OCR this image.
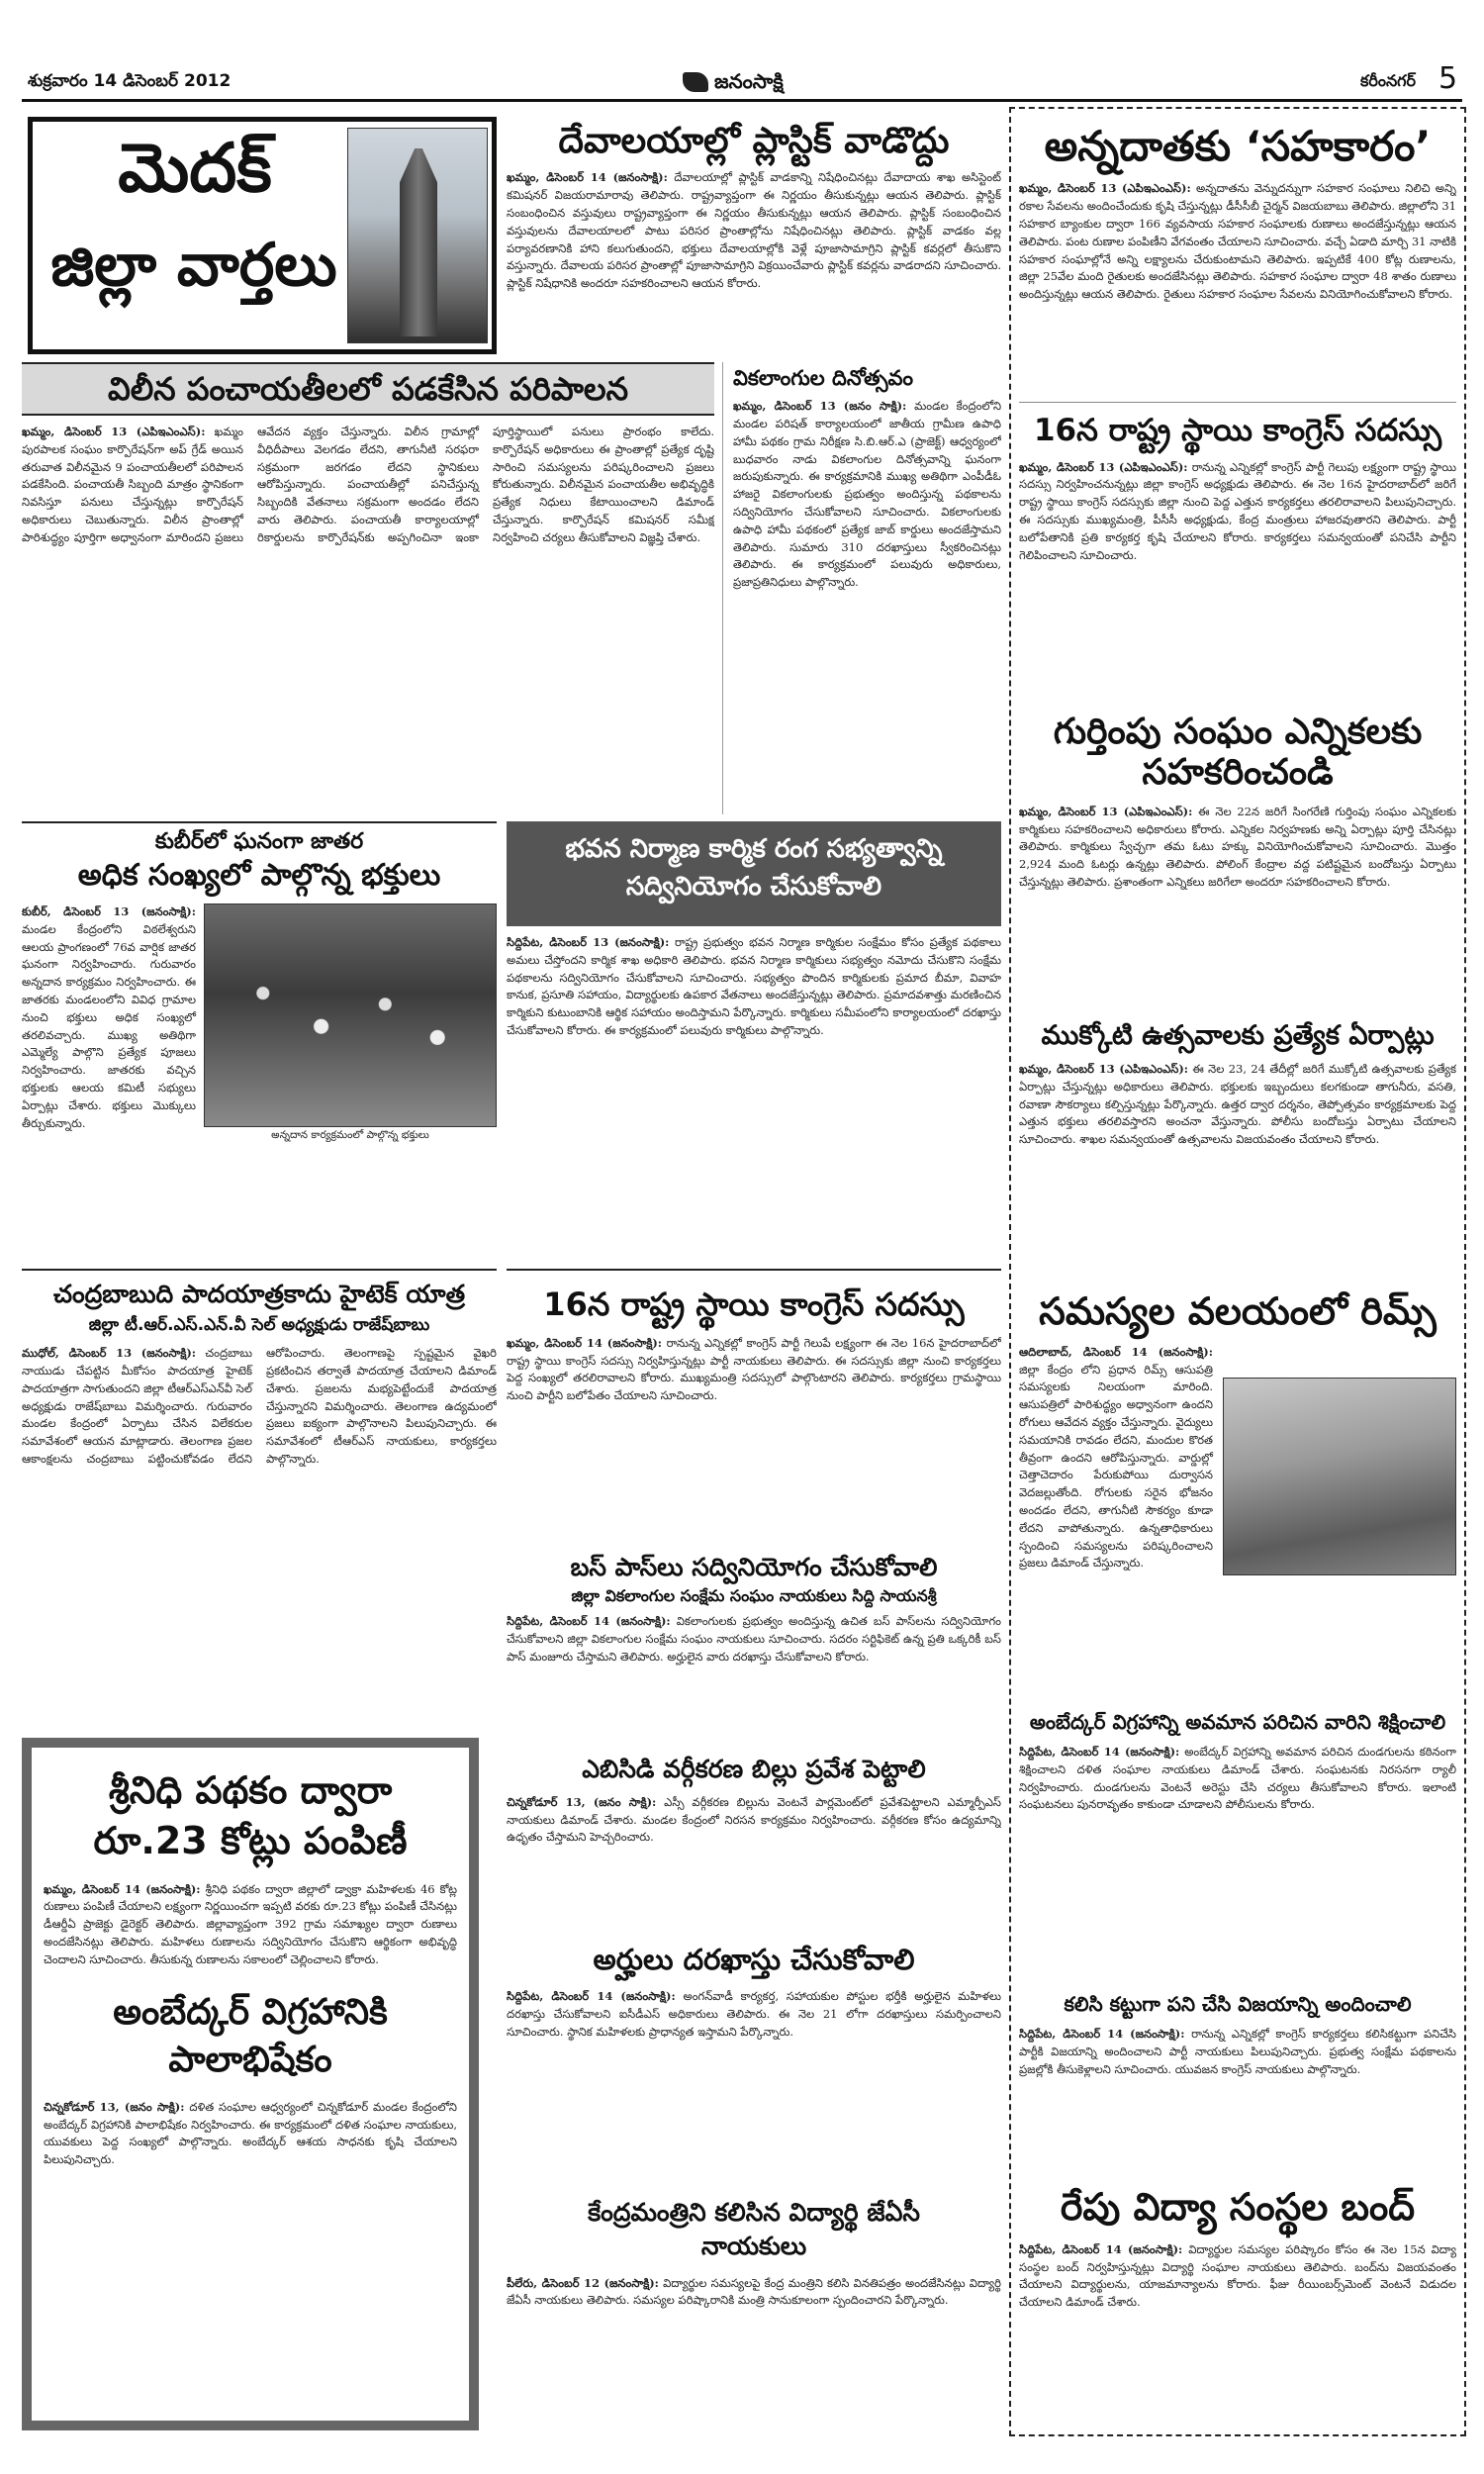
శుక్రవారం 14 డిసెంబర్ 2012	జనంసాక్షి	కరీంనగర్ 5
మెదక్
జిల్లా వార్తలు
దేవాలయాల్లో ప్లాస్టిక్ వాడొద్దు
ఖమ్మం, డిసెంబర్ 14 (జనంసాక్షి): దేవాలయాల్లో ప్లాస్టిక్ వాడకాన్ని నిషేధించినట్లు దేవాదాయ శాఖ అసిస్టెంట్ కమిషనర్ విజయరామారావు తెలిపారు. రాష్ట్రవ్యాప్తంగా ఈ నిర్ణయం తీసుకున్నట్లు ఆయన తెలిపారు. ప్లాస్టిక్ సంబంధించిన వస్తువులు రాష్ట్రవ్యాప్తంగా ఈ నిర్ణయం తీసుకున్నట్లు ఆయన తెలిపారు. ప్లాస్టిక్ సంబంధించిన వస్తువులను దేవాలయాలలో పాటు పరిసర ప్రాంతాల్లోను నిషేధించినట్లు తెలిపారు. ప్లాస్టిక్ వాడకం వల్ల పర్యావరణానికి హాని కలుగుతుందని, భక్తులు దేవాలయాల్లోకి వెళ్లే పూజాసామాగ్రిని ప్లాస్టిక్ కవర్లలో తీసుకొని వస్తున్నారు. దేవాలయ పరిసర ప్రాంతాల్లో పూజాసామాగ్రిని విక్రయించేవారు ప్లాస్టిక్ కవర్లను వాడరాదని సూచించారు. ప్లాస్టిక్ నిషేధానికి అందరూ సహకరించాలని ఆయన కోరారు.
విలీన పంచాయతీలలో పడకేసిన పరిపాలన
ఖమ్మం, డిసెంబర్ 13 (ఎపిఇఎంఎస్): ఖమ్మం పురపాలక సంఘం కార్పొరేషన్‌గా అప్ గ్రేడ్ అయిన తరువాత విలీనమైన 9 పంచాయతీలలో పరిపాలన పడకేసింది. పంచాయతీ సిబ్బంది మాత్రం స్థానికంగా నివసిస్తూ పనులు చేస్తున్నట్లు కార్పొరేషన్ అధికారులు చెబుతున్నారు. విలీన ప్రాంతాల్లో పారిశుద్ధ్యం పూర్తిగా అధ్వానంగా మారిందని ప్రజలు ఆవేదన వ్యక్తం చేస్తున్నారు. విలీన గ్రామాల్లో వీధిదీపాలు వెలగడం లేదని, తాగునీటి సరఫరా సక్రమంగా జరగడం లేదని స్థానికులు ఆరోపిస్తున్నారు. పంచాయతీల్లో పనిచేస్తున్న సిబ్బందికి వేతనాలు సక్రమంగా అందడం లేదని వారు తెలిపారు. పంచాయతీ కార్యాలయాల్లో రికార్డులను కార్పొరేషన్‌కు అప్పగించినా ఇంకా పూర్తిస్థాయిలో పనులు ప్రారంభం కాలేదు. కార్పొరేషన్ అధికారులు ఈ ప్రాంతాల్లో ప్రత్యేక దృష్టి సారించి సమస్యలను పరిష్కరించాలని ప్రజలు కోరుతున్నారు. విలీనమైన పంచాయతీల అభివృద్ధికి ప్రత్యేక నిధులు కేటాయించాలని డిమాండ్ చేస్తున్నారు. కార్పొరేషన్ కమిషనర్ సమీక్ష నిర్వహించి చర్యలు తీసుకోవాలని విజ్ఞప్తి చేశారు.
వికలాంగుల దినోత్సవం
ఖమ్మం, డిసెంబర్ 13 (జనం సాక్షి): మండల కేంద్రంలోని మండల పరిషత్ కార్యాలయంలో జాతీయ గ్రామీణ ఉపాధి హామీ పథకం గ్రామ నిరీక్షణ సి.బి.ఆర్.ఎ (ప్రాజెక్ట్) ఆధ్వర్యంలో బుధవారం నాడు వికలాంగుల దినోత్సవాన్ని ఘనంగా జరుపుకున్నారు. ఈ కార్యక్రమానికి ముఖ్య అతిథిగా ఎంపీడీఓ హాజరై వికలాంగులకు ప్రభుత్వం అందిస్తున్న పథకాలను సద్వినియోగం చేసుకోవాలని సూచించారు. వికలాంగులకు ఉపాధి హామీ పథకంలో ప్రత్యేక జాబ్ కార్డులు అందజేస్తామని తెలిపారు. సుమారు 310 దరఖాస్తులు స్వీకరించినట్లు తెలిపారు. ఈ కార్యక్రమంలో పలువురు అధికారులు, ప్రజాప్రతినిధులు పాల్గొన్నారు.
అన్నదాతకు ‘సహకారం’
ఖమ్మం, డిసెంబర్ 13 (ఎపిఇఎంఎస్): అన్నదాతను వెన్నుదన్నుగా సహకార సంఘాలు నిలిచి అన్ని రకాల సేవలను అందించేందుకు కృషి చేస్తున్నట్లు డీసీసీబీ చైర్మన్ విజయబాబు తెలిపారు. జిల్లాలోని 31 సహకార బ్యాంకుల ద్వారా 166 వ్యవసాయ సహకార సంఘాలకు రుణాలు అందజేస్తున్నట్లు ఆయన తెలిపారు. పంట రుణాల పంపిణీని వేగవంతం చేయాలని సూచించారు. వచ్చే ఏడాది మార్చి 31 నాటికి సహకార సంఘాల్లోనే అన్ని లక్ష్యాలను చేరుకుంటామని తెలిపారు. ఇప్పటికే 400 కోట్ల రుణాలను, జిల్లా 25వేల మంది రైతులకు అందజేసినట్లు తెలిపారు. సహకార సంఘాల ద్వారా 48 శాతం రుణాలు అందిస్తున్నట్లు ఆయన తెలిపారు. రైతులు సహకార సంఘాల సేవలను వినియోగించుకోవాలని కోరారు.
16న రాష్ట్ర స్థాయి కాంగ్రెస్ సదస్సు
ఖమ్మం, డిసెంబర్ 13 (ఎపిఇఎంఎస్): రానున్న ఎన్నికల్లో కాంగ్రెస్ పార్టీ గెలుపు లక్ష్యంగా రాష్ట్ర స్థాయి సదస్సు నిర్వహించనున్నట్లు జిల్లా కాంగ్రెస్ అధ్యక్షుడు తెలిపారు. ఈ నెల 16న హైదరాబాద్‌లో జరిగే రాష్ట్ర స్థాయి కాంగ్రెస్ సదస్సుకు జిల్లా నుంచి పెద్ద ఎత్తున కార్యకర్తలు తరలిరావాలని పిలుపునిచ్చారు. ఈ సదస్సుకు ముఖ్యమంత్రి, పీసీసీ అధ్యక్షుడు, కేంద్ర మంత్రులు హాజరవుతారని తెలిపారు. పార్టీ బలోపేతానికి ప్రతి కార్యకర్త కృషి చేయాలని కోరారు. కార్యకర్తలు సమన్వయంతో పనిచేసి పార్టీని గెలిపించాలని సూచించారు.
గుర్తింపు సంఘం ఎన్నికలకు సహకరించండి
ఖమ్మం, డిసెంబర్ 13 (ఎపిఇఎంఎస్): ఈ నెల 22న జరిగే సింగరేణి గుర్తింపు సంఘం ఎన్నికలకు కార్మికులు సహకరించాలని అధికారులు కోరారు. ఎన్నికల నిర్వహణకు అన్ని ఏర్పాట్లు పూర్తి చేసినట్లు తెలిపారు. కార్మికులు స్వేచ్ఛగా తమ ఓటు హక్కు వినియోగించుకోవాలని సూచించారు. మొత్తం 2,924 మంది ఓటర్లు ఉన్నట్లు తెలిపారు. పోలింగ్ కేంద్రాల వద్ద పటిష్టమైన బందోబస్తు ఏర్పాటు చేస్తున్నట్లు తెలిపారు. ప్రశాంతంగా ఎన్నికలు జరిగేలా అందరూ సహకరించాలని కోరారు.
ముక్కోటి ఉత్సవాలకు ప్రత్యేక ఏర్పాట్లు
ఖమ్మం, డిసెంబర్ 13 (ఎపిఇఎంఎస్): ఈ నెల 23, 24 తేదీల్లో జరిగే ముక్కోటి ఉత్సవాలకు ప్రత్యేక ఏర్పాట్లు చేస్తున్నట్లు అధికారులు తెలిపారు. భక్తులకు ఇబ్బందులు కలగకుండా తాగునీరు, వసతి, రవాణా సౌకర్యాలు కల్పిస్తున్నట్లు పేర్కొన్నారు. ఉత్తర ద్వార దర్శనం, తెప్పోత్సవం కార్యక్రమాలకు పెద్ద ఎత్తున భక్తులు తరలివస్తారని అంచనా వేస్తున్నారు. పోలీసు బందోబస్తు ఏర్పాటు చేయాలని సూచించారు. శాఖల సమన్వయంతో ఉత్సవాలను విజయవంతం చేయాలని కోరారు.
సమస్యల వలయంలో రిమ్స్
ఆదిలాబాద్, డిసెంబర్ 14 (జనంసాక్షి): జిల్లా కేంద్రం లోని ప్రధాన రిమ్స్ ఆసుపత్రి సమస్యలకు నిలయంగా మారింది. ఆసుపత్రిలో పారిశుద్ధ్యం అధ్వానంగా ఉందని రోగులు ఆవేదన వ్యక్తం చేస్తున్నారు. వైద్యులు సమయానికి రావడం లేదని, మందుల కొరత తీవ్రంగా ఉందని ఆరోపిస్తున్నారు. వార్డుల్లో చెత్తాచెదారం పేరుకుపోయి దుర్వాసన వెదజల్లుతోంది. రోగులకు సరైన భోజనం అందడం లేదని, తాగునీటి సౌకర్యం కూడా లేదని వాపోతున్నారు. ఉన్నతాధికారులు స్పందించి సమస్యలను పరిష్కరించాలని ప్రజలు డిమాండ్ చేస్తున్నారు.
అంబేద్కర్ విగ్రహాన్ని అవమాన పరిచిన వారిని శిక్షించాలి
సిద్దిపేట, డిసెంబర్ 14 (జనంసాక్షి): అంబేద్కర్ విగ్రహాన్ని అవమాన పరిచిన దుండగులను కఠినంగా శిక్షించాలని దళిత సంఘాల నాయకులు డిమాండ్ చేశారు. సంఘటనకు నిరసనగా ర్యాలీ నిర్వహించారు. దుండగులను వెంటనే అరెస్టు చేసి చర్యలు తీసుకోవాలని కోరారు. ఇలాంటి సంఘటనలు పునరావృతం కాకుండా చూడాలని పోలీసులను కోరారు.
కలిసి కట్టుగా పని చేసి విజయాన్ని అందించాలి
సిద్దిపేట, డిసెంబర్ 14 (జనంసాక్షి): రానున్న ఎన్నికల్లో కాంగ్రెస్ కార్యకర్తలు కలిసికట్టుగా పనిచేసి పార్టీకి విజయాన్ని అందించాలని పార్టీ నాయకులు పిలుపునిచ్చారు. ప్రభుత్వ సంక్షేమ పథకాలను ప్రజల్లోకి తీసుకెళ్లాలని సూచించారు. యువజన కాంగ్రెస్ నాయకులు పాల్గొన్నారు.
రేపు విద్యా సంస్థల బంద్
సిద్దిపేట, డిసెంబర్ 14 (జనంసాక్షి): విద్యార్థుల సమస్యల పరిష్కారం కోసం ఈ నెల 15న విద్యా సంస్థల బంద్ నిర్వహిస్తున్నట్లు విద్యార్థి సంఘాల నాయకులు తెలిపారు. బంద్‌ను విజయవంతం చేయాలని విద్యార్థులను, యాజమాన్యాలను కోరారు. ఫీజు రీయింబర్స్‌మెంట్ వెంటనే విడుదల చేయాలని డిమాండ్ చేశారు.
కుబీర్‌లో ఘనంగా జాతర
అధిక సంఖ్యలో పాల్గొన్న భక్తులు
అన్నదాన కార్యక్రమంలో పాల్గొన్న భక్తులు
కుబీర్, డిసెంబర్ 13 (జనంసాక్షి): మండల కేంద్రంలోని విఠలేశ్వరుని ఆలయ ప్రాంగణంలో 76వ వార్షిక జాతర ఘనంగా నిర్వహించారు. గురువారం అన్నదాన కార్యక్రమం నిర్వహించారు. ఈ జాతరకు మండలంలోని వివిధ గ్రామాల నుంచి భక్తులు అధిక సంఖ్యలో తరలివచ్చారు. ముఖ్య అతిథిగా ఎమ్మెల్యే పాల్గొని ప్రత్యేక పూజలు నిర్వహించారు. జాతరకు వచ్చిన భక్తులకు ఆలయ కమిటీ సభ్యులు ఏర్పాట్లు చేశారు. భక్తులు మొక్కులు తీర్చుకున్నారు.
భవన నిర్మాణ కార్మిక రంగ సభ్యత్వాన్ని సద్వినియోగం చేసుకోవాలి
సిద్దిపేట, డిసెంబర్ 13 (జనంసాక్షి): రాష్ట్ర ప్రభుత్వం భవన నిర్మాణ కార్మికుల సంక్షేమం కోసం ప్రత్యేక పథకాలు అమలు చేస్తోందని కార్మిక శాఖ అధికారి తెలిపారు. భవన నిర్మాణ కార్మికులు సభ్యత్వం నమోదు చేసుకొని సంక్షేమ పథకాలను సద్వినియోగం చేసుకోవాలని సూచించారు. సభ్యత్వం పొందిన కార్మికులకు ప్రమాద బీమా, వివాహ కానుక, ప్రసూతి సహాయం, విద్యార్థులకు ఉపకార వేతనాలు అందజేస్తున్నట్లు తెలిపారు. ప్రమాదవశాత్తు మరణించిన కార్మికుని కుటుంబానికి ఆర్థిక సహాయం అందిస్తామని పేర్కొన్నారు. కార్మికులు సమీపంలోని కార్యాలయంలో దరఖాస్తు చేసుకోవాలని కోరారు. ఈ కార్యక్రమంలో పలువురు కార్మికులు పాల్గొన్నారు.
చంద్రబాబుది పాదయాత్రకాదు హైటెక్ యాత్ర
జిల్లా టీ.ఆర్.ఎస్.ఎన్.వీ సెల్ అధ్యక్షుడు రాజేష్‌బాబు
ముధోల్, డిసెంబర్ 13 (జనంసాక్షి): చంద్రబాబు నాయుడు చేపట్టిన మీకోసం పాదయాత్ర హైటెక్ పాదయాత్రగా సాగుతుందని జిల్లా టీఆర్ఎస్ఎన్‌వీ సెల్ అధ్యక్షుడు రాజేష్‌బాబు విమర్శించారు. గురువారం మండల కేంద్రంలో ఏర్పాటు చేసిన విలేకరుల సమావేశంలో ఆయన మాట్లాడారు. తెలంగాణ ప్రజల ఆకాంక్షలను చంద్రబాబు పట్టించుకోవడం లేదని ఆరోపించారు. తెలంగాణపై స్పష్టమైన వైఖరి ప్రకటించిన తర్వాతే పాదయాత్ర చేయాలని డిమాండ్ చేశారు. ప్రజలను మభ్యపెట్టేందుకే పాదయాత్ర చేస్తున్నారని విమర్శించారు. తెలంగాణ ఉద్యమంలో ప్రజలు ఐక్యంగా పాల్గొనాలని పిలుపునిచ్చారు. ఈ సమావేశంలో టీఆర్ఎస్ నాయకులు, కార్యకర్తలు పాల్గొన్నారు.
16న రాష్ట్ర స్థాయి కాంగ్రెస్ సదస్సు
ఖమ్మం, డిసెంబర్ 14 (జనంసాక్షి): రానున్న ఎన్నికల్లో కాంగ్రెస్ పార్టీ గెలుపే లక్ష్యంగా ఈ నెల 16న హైదరాబాద్‌లో రాష్ట్ర స్థాయి కాంగ్రెస్ సదస్సు నిర్వహిస్తున్నట్లు పార్టీ నాయకులు తెలిపారు. ఈ సదస్సుకు జిల్లా నుంచి కార్యకర్తలు పెద్ద సంఖ్యలో తరలిరావాలని కోరారు. ముఖ్యమంత్రి సదస్సులో పాల్గొంటారని తెలిపారు. కార్యకర్తలు గ్రామస్థాయి నుంచి పార్టీని బలోపేతం చేయాలని సూచించారు.
బస్ పాస్‌లు సద్వినియోగం చేసుకోవాలి
జిల్లా వికలాంగుల సంక్షేమ సంఘం నాయకులు సిద్ది సాయనశ్రీ
సిద్దిపేట, డిసెంబర్ 14 (జనంసాక్షి): వికలాంగులకు ప్రభుత్వం అందిస్తున్న ఉచిత బస్ పాస్‌లను సద్వినియోగం చేసుకోవాలని జిల్లా వికలాంగుల సంక్షేమ సంఘం నాయకులు సూచించారు. సదరం సర్టిఫికెట్ ఉన్న ప్రతి ఒక్కరికీ బస్ పాస్ మంజూరు చేస్తామని తెలిపారు. అర్హులైన వారు దరఖాస్తు చేసుకోవాలని కోరారు.
ఎబిసిడి వర్గీకరణ బిల్లు ప్రవేశ పెట్టాలి
చిన్నకోడూర్ 13, (జనం సాక్షి): ఎస్సీ వర్గీకరణ బిల్లును వెంటనే పార్లమెంట్‌లో ప్రవేశపెట్టాలని ఎమ్మార్పీఎస్ నాయకులు డిమాండ్ చేశారు. మండల కేంద్రంలో నిరసన కార్యక్రమం నిర్వహించారు. వర్గీకరణ కోసం ఉద్యమాన్ని ఉధృతం చేస్తామని హెచ్చరించారు.
అర్హులు దరఖాస్తు చేసుకోవాలి
సిద్దిపేట, డిసెంబర్ 14 (జనంసాక్షి): అంగన్‌వాడీ కార్యకర్త, సహాయకుల పోస్టుల భర్తీకి అర్హులైన మహిళలు దరఖాస్తు చేసుకోవాలని ఐసీడీఎస్ అధికారులు తెలిపారు. ఈ నెల 21 లోగా దరఖాస్తులు సమర్పించాలని సూచించారు. స్థానిక మహిళలకు ప్రాధాన్యత ఇస్తామని పేర్కొన్నారు.
కేంద్రమంత్రిని కలిసిన విద్యార్థి జేఏసీ నాయకులు
పీలేరు, డిసెంబర్ 12 (జనంసాక్షి): విద్యార్థుల సమస్యలపై కేంద్ర మంత్రిని కలిసి వినతిపత్రం అందజేసినట్లు విద్యార్థి జేఏసీ నాయకులు తెలిపారు. సమస్యల పరిష్కారానికి మంత్రి సానుకూలంగా స్పందించారని పేర్కొన్నారు.
శ్రీనిధి పథకం ద్వారా రూ.23 కోట్లు పంపిణీ
ఖమ్మం, డిసెంబర్ 14 (జనంసాక్షి): శ్రీనిధి పథకం ద్వారా జిల్లాలో డ్వాక్రా మహిళలకు 46 కోట్ల రుణాలు పంపిణీ చేయాలని లక్ష్యంగా నిర్ణయించగా ఇప్పటి వరకు రూ.23 కోట్లు పంపిణీ చేసినట్లు డీఆర్డీఏ ప్రాజెక్టు డైరెక్టర్ తెలిపారు. జిల్లావ్యాప్తంగా 392 గ్రామ సమాఖ్యల ద్వారా రుణాలు అందజేసినట్లు తెలిపారు. మహిళలు రుణాలను సద్వినియోగం చేసుకొని ఆర్థికంగా అభివృద్ధి చెందాలని సూచించారు. తీసుకున్న రుణాలను సకాలంలో చెల్లించాలని కోరారు.
అంబేద్కర్ విగ్రహానికి పాలాభిషేకం
చిన్నకోడూర్ 13, (జనం సాక్షి): దళిత సంఘాల ఆధ్వర్యంలో చిన్నకోడూర్ మండల కేంద్రంలోని అంబేద్కర్ విగ్రహానికి పాలాభిషేకం నిర్వహించారు. ఈ కార్యక్రమంలో దళిత సంఘాల నాయకులు, యువకులు పెద్ద సంఖ్యలో పాల్గొన్నారు. అంబేద్కర్ ఆశయ సాధనకు కృషి చేయాలని పిలుపునిచ్చారు.
